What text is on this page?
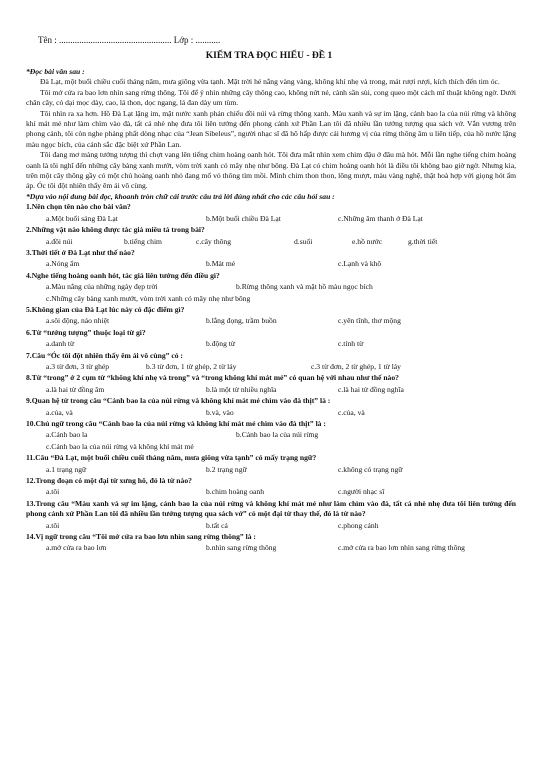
Tên : .................................................. Lớp : ...........
KIỂM TRA ĐỌC HIỂU - ĐỀ 1

*Đọc bài văn sau :

Đà Lạt, một buổi chiều cuối tháng năm, mưa giông vừa tạnh. Mặt trời hé nắng vàng vàng, không khí nhẹ và trong, mát rượi rượi, kích thích đến tim óc.

Tôi mở cửa ra bao lơn nhìn sang rừng thông. Tôi để ý nhìn những cây thông cao, không nứt nẻ, cành sần sùi, cong queo một cách mĩ thuật không ngờ. Dưới chân cây, cỏ dại mọc dày, cao, lá thon, dọc ngang, lá đan dày um tùm.

Tôi nhìn ra xa hơn. Hồ Đà Lạt lặng im, mặt nước xanh phản chiếu đồi núi và rừng thông xanh. Màu xanh và sự im lặng, cảnh bao la của núi rừng và không khí mát mẻ như làm chìm vào đà, tất cả nhè nhẹ đưa tôi liên tưởng đến phong cảnh xứ Phần Lan tôi đã nhiều lần tưởng tượng qua sách vở. Vẳn vương trên phong cảnh, tôi còn nghe phảng phất dòng nhạc của “Jean Sibeleus”, người nhạc sĩ đã hô hấp được cái hương vị của rừng thông âm u liên tiếp, của hồ nước lặng màu ngọc bích, của cảnh sắc đặc biệt xứ Phần Lan.

Tôi đang mơ màng tưởng tượng thì chợt vang lên tiếng chim hoàng oanh hót. Tôi đưa mắt nhìn xem chim đậu ở đâu mà hót. Mỗi lần nghe tiếng chim hoàng oanh là tôi nghĩ đến những cây bàng xanh mướt, vòm trời xanh có mây nhẹ như bông. Đà Lạt có chim hoàng oanh hót là điều tôi không bao giờ ngờ. Nhưng kìa, trên một cây thông gầy có một chú hoàng oanh nhỏ đang mổ vỏ thông tìm mồi. Mình chim thon thon, lông mượt, màu vàng nghệ, thật hoà hợp với giọng hót ấm áp. Óc tôi đột nhiên thấy êm ái vô cùng.

*Dựa vào nội dung bài đọc, khoanh tròn chữ cái trước câu trả lời đúng nhất cho các câu hỏi sau :

1.Nên chọn tên nào cho bài văn?

a.Một buổi sáng Đà Lạt	b.Một buổi chiều Đà Lạt	c.Những âm thanh ở Đà Lạt

2.Những vật nào không được tác giả miêu tả trong bài?

a.đồi núi	b.tiếng chim	c.cây thông	d.suối	e.hồ nước	g.thời tiết

3.Thời tiết ở Đà Lạt như thế nào?

a.Nóng ẩm	b.Mát mẻ	c.Lạnh và khô

4.Nghe tiếng hoàng oanh hót, tác giả liên tưởng đến điều gì?

a.Màu nắng của những ngày đẹp trời	b.Rừng thông xanh và mặt hồ màu ngọc bích
c.Những cây bàng xanh mướt, vòm trời xanh có mây nhẹ như bông

5.Không gian của Đà Lạt lúc này có đặc điểm gì?

a.sôi động, náo nhiệt	b.lắng đọng, trầm buồn	c.yên tĩnh, thơ mộng

6.Từ “tưởng tượng” thuộc loại từ gì?

a.danh từ	b.động từ	c.tính từ

7.Câu “Óc tôi đột nhiên thấy êm ái vô cùng” có :

a.3 từ đơn, 3 từ ghép	b.3 từ đơn, 1 từ ghép, 2 từ láy	c.3 từ đơn, 2 từ ghép, 1 từ láy

8.Từ “trong” ở 2 cụm từ “không khí nhẹ và trong” và “trong không khí mát mẻ” có quan hệ với nhau như thế nào?

a.là hai từ đồng âm	b.là một từ nhiều nghĩa	c.là hai từ đồng nghĩa

9.Quan hệ từ trong câu “Cảnh bao la của núi rừng và không khí mát mẻ chìm vào đà thịt” là :

a.của, và	b.và, vào	c.của, và

10.Chủ ngữ trong câu “Cảnh bao la của núi rừng và không khí mát mẻ chìm vào đà thịt” là :

a.Cảnh bao la	b.Cảnh bao la của núi rừng
c.Cảnh bao la của núi rừng và không khí mát mẻ

11.Câu “Đà Lạt, một buổi chiều cuối tháng năm, mưa giông vừa tạnh” có mấy trạng ngữ?

a.1 trạng ngữ	b.2 trạng ngữ	c.không có trạng ngữ

12.Trong đoạn có một đại từ xưng hô, đó là từ nào?

a.tôi	b.chim hoàng oanh	c.người nhạc sĩ

13.Trong câu “Màu xanh và sự im lặng, cảnh bao la của núi rừng và không khí mát mẻ như làm chìm vào đà, tất cả nhè nhẹ đưa tôi liên tưởng đến phong cảnh xứ Phần Lan tôi đã nhiều lần tưởng tượng qua sách vở” có một đại từ thay thế, đó là từ nào?

a.tôi	b.tất cả	c.phong cảnh

14.Vị ngữ trong câu “Tôi mở cửa ra bao lơn nhìn sang rừng thông” là :

a.mở cửa ra bao lơn	b.nhìn sang rừng thông	c.mở cửa ra bao lơn nhìn sang rừng thông
